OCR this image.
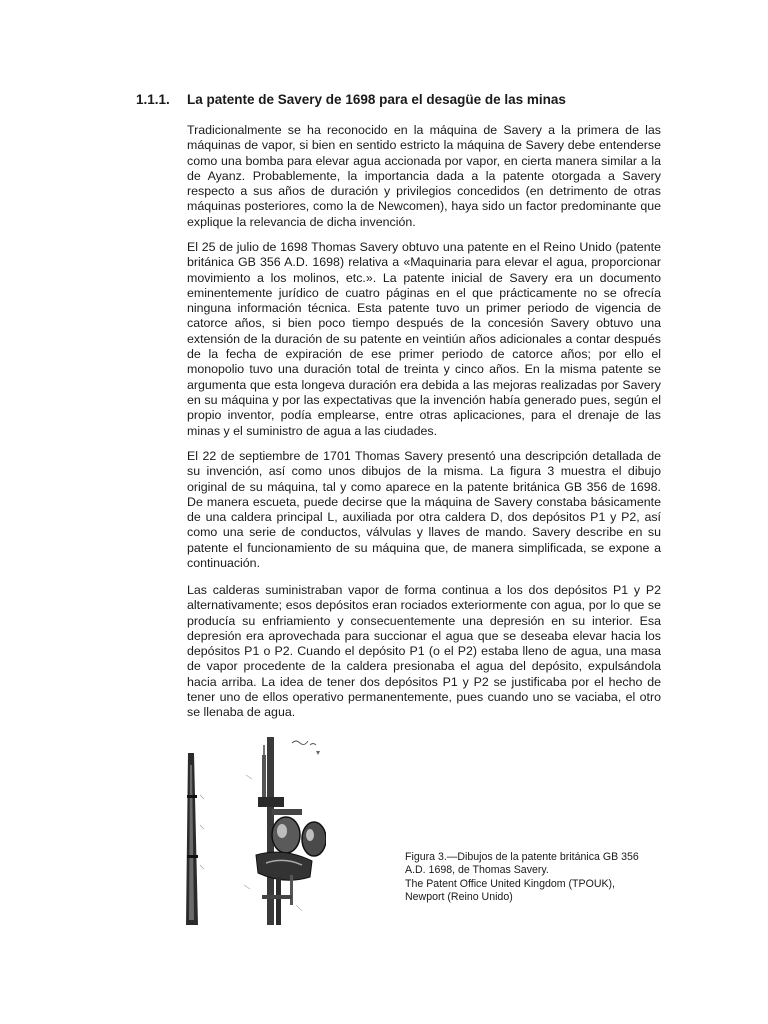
1.1.1. La patente de Savery de 1698 para el desagüe de las minas

Tradicionalmente se ha reconocido en la máquina de Savery a la primera de las máquinas de vapor, si bien en sentido estricto la máquina de Savery debe entenderse como una bomba para elevar agua accionada por vapor, en cierta manera similar a la de Ayanz. Probablemente, la importancia dada a la patente otorgada a Savery respecto a sus años de duración y privilegios concedidos (en detrimento de otras máquinas posteriores, como la de Newcomen), haya sido un factor predominante que explique la relevancia de dicha invención.

El 25 de julio de 1698 Thomas Savery obtuvo una patente en el Reino Unido (patente británica GB 356 A.D. 1698) relativa a «Maquinaria para elevar el agua, proporcionar movimiento a los molinos, etc.». La patente inicial de Savery era un documento eminentemente jurídico de cuatro páginas en el que prácticamente no se ofrecía ninguna información técnica. Esta patente tuvo un primer periodo de vigencia de catorce años, si bien poco tiempo después de la concesión Savery obtuvo una extensión de la duración de su patente en veintiún años adicionales a contar después de la fecha de expiración de ese primer periodo de catorce años; por ello el monopolio tuvo una duración total de treinta y cinco años. En la misma patente se argumenta que esta longeva duración era debida a las mejoras realizadas por Savery en su máquina y por las expectativas que la invención había generado pues, según el propio inventor, podía emplearse, entre otras aplicaciones, para el drenaje de las minas y el suministro de agua a las ciudades.

El 22 de septiembre de 1701 Thomas Savery presentó una descripción detallada de su invención, así como unos dibujos de la misma. La figura 3 muestra el dibujo original de su máquina, tal y como aparece en la patente británica GB 356 de 1698. De manera escueta, puede decirse que la máquina de Savery constaba básicamente de una caldera principal L, auxiliada por otra caldera D, dos depósitos P1 y P2, así como una serie de conductos, válvulas y llaves de mando. Savery describe en su patente el funcionamiento de su máquina que, de manera simplificada, se expone a continuación.

Las calderas suministraban vapor de forma continua a los dos depósitos P1 y P2 alternativamente; esos depósitos eran rociados exteriormente con agua, por lo que se producía su enfriamiento y consecuentemente una depresión en su interior. Esa depresión era aprovechada para succionar el agua que se deseaba elevar hacia los depósitos P1 o P2. Cuando el depósito P1 (o el P2) estaba lleno de agua, una masa de vapor procedente de la caldera presionaba el agua del depósito, expulsándola hacia arriba. La idea de tener dos depósitos P1 y P2 se justificaba por el hecho de tener uno de ellos operativo permanentemente, pues cuando uno se vaciaba, el otro se llenaba de agua.

Figura 3.—Dibujos de la patente británica GB 356
A.D. 1698, de Thomas Savery.
The Patent Office United Kingdom (TPOUK),
Newport (Reino Unido)
